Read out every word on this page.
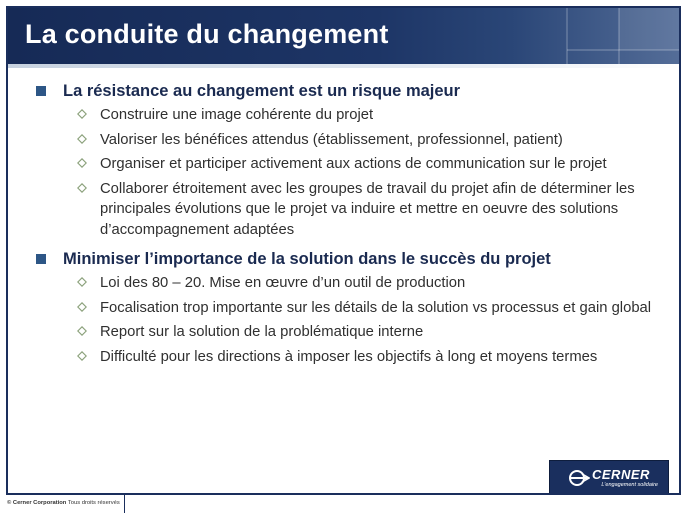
La conduite du changement
La résistance au changement est un risque majeur
Construire une image cohérente du projet
Valoriser les bénéfices attendus (établissement, professionnel, patient)
Organiser et participer activement aux actions de communication sur le projet
Collaborer étroitement avec les groupes de travail du projet afin de déterminer les principales évolutions que le projet va induire et mettre en oeuvre des solutions d’accompagnement adaptées
Minimiser l’importance de la solution dans le succès du projet
Loi des 80 – 20. Mise en œuvre d’un outil de production
Focalisation trop importante sur les détails de la solution vs processus et gain global
Report sur la solution de la problématique interne
Difficulté pour les directions à imposer les objectifs à long et moyens termes
CERNER
L’engagement solidaire
© Cerner Corporation Tous droits réservés
